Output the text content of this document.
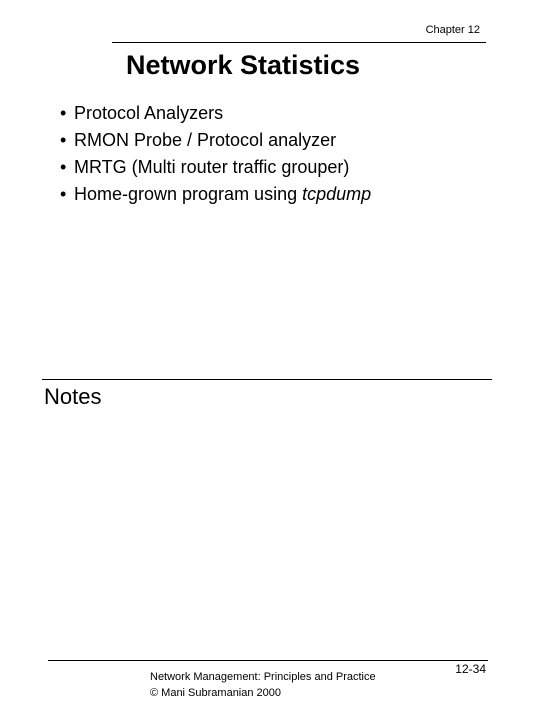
Chapter 12
Network Statistics
• Protocol Analyzers
• RMON Probe / Protocol analyzer
• MRTG (Multi router traffic grouper)
• Home-grown program using tcpdump
Notes
Network Management: Principles and Practice
© Mani Subramanian 2000
12-34
